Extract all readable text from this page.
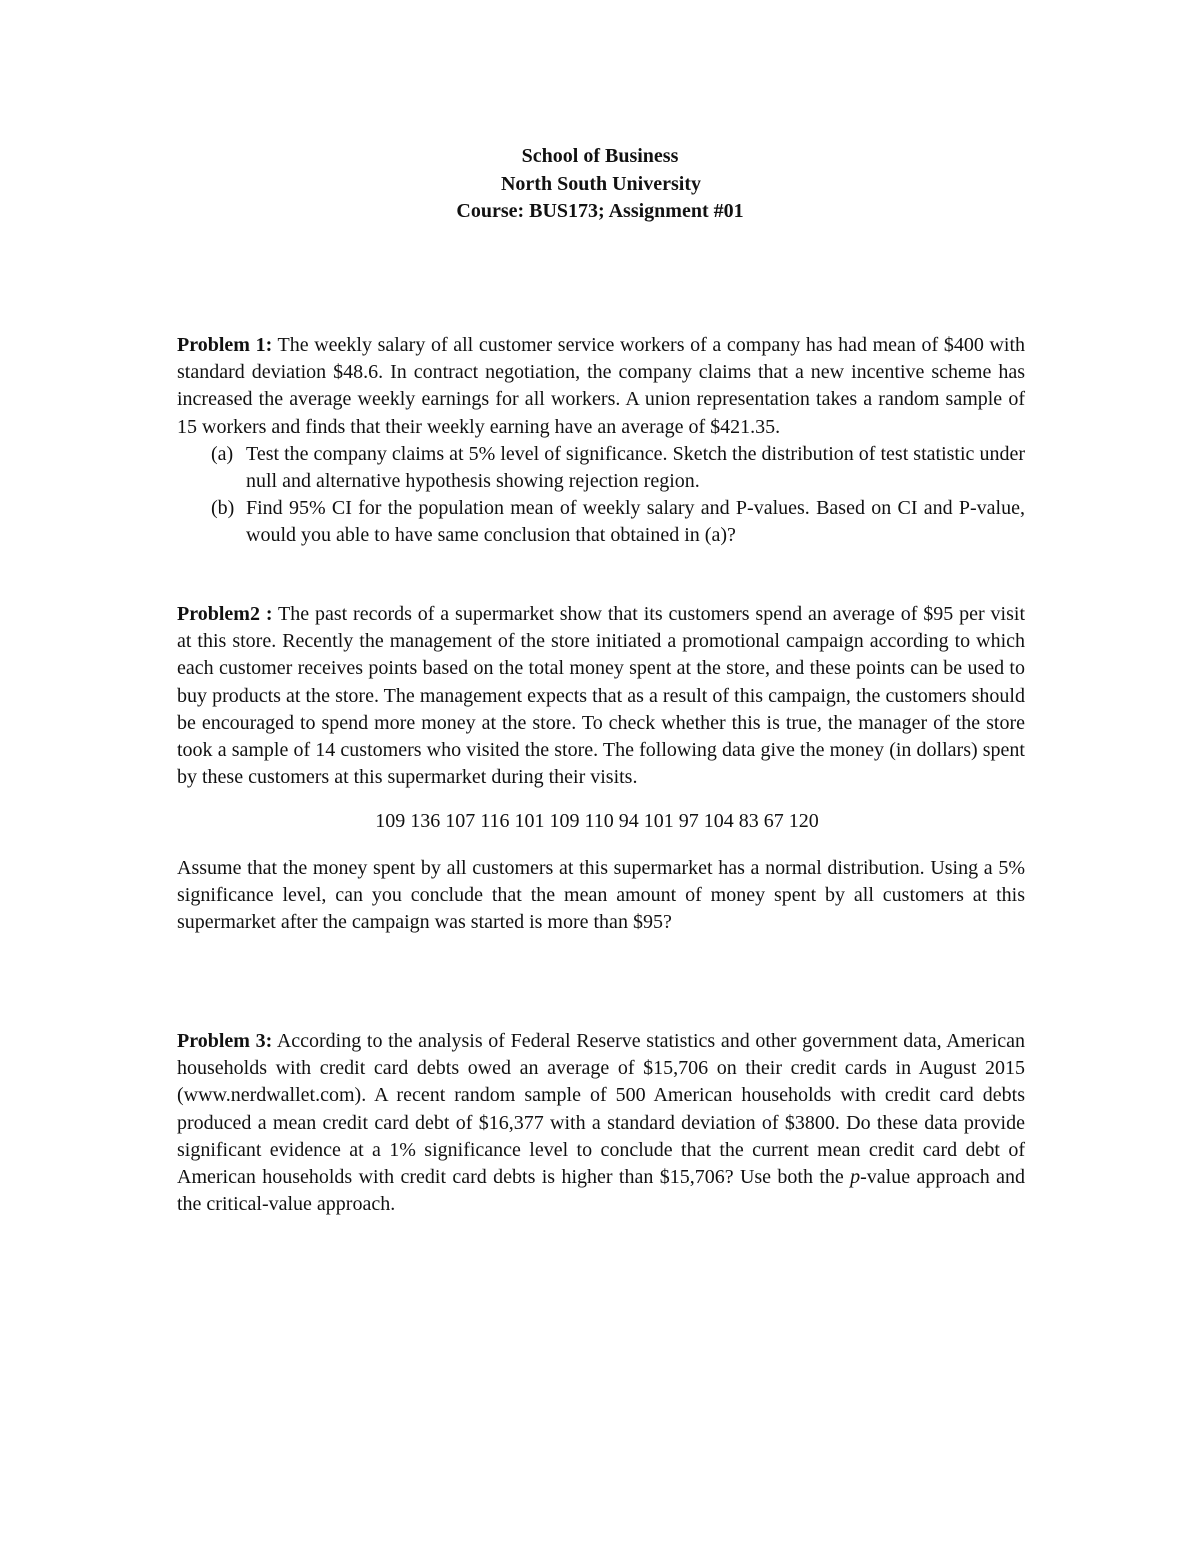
School of Business
North South University
Course: BUS173; Assignment #01
Problem 1: The weekly salary of all customer service workers of a company has had mean of $400 with standard deviation $48.6. In contract negotiation, the company claims that a new incentive scheme has increased the average weekly earnings for all workers. A union representation takes a random sample of 15 workers and finds that their weekly earning have an average of $421.35.
(a) Test the company claims at 5% level of significance. Sketch the distribution of test statistic under null and alternative hypothesis showing rejection region.
(b) Find 95% CI for the population mean of weekly salary and P-values. Based on CI and P-value, would you able to have same conclusion that obtained in (a)?
Problem2 : The past records of a supermarket show that its customers spend an average of $95 per visit at this store. Recently the management of the store initiated a promotional campaign according to which each customer receives points based on the total money spent at the store, and these points can be used to buy products at the store. The management expects that as a result of this campaign, the customers should be encouraged to spend more money at the store. To check whether this is true, the manager of the store took a sample of 14 customers who visited the store. The following data give the money (in dollars) spent by these customers at this supermarket during their visits.
109 136 107 116 101 109 110 94 101 97 104 83 67 120
Assume that the money spent by all customers at this supermarket has a normal distribution. Using a 5% significance level, can you conclude that the mean amount of money spent by all customers at this supermarket after the campaign was started is more than $95?
Problem 3: According to the analysis of Federal Reserve statistics and other government data, American households with credit card debts owed an average of $15,706 on their credit cards in August 2015 (www.nerdwallet.com). A recent random sample of 500 American households with credit card debts produced a mean credit card debt of $16,377 with a standard deviation of $3800. Do these data provide significant evidence at a 1% significance level to conclude that the current mean credit card debt of American households with credit card debts is higher than $15,706? Use both the p-value approach and the critical-value approach.
